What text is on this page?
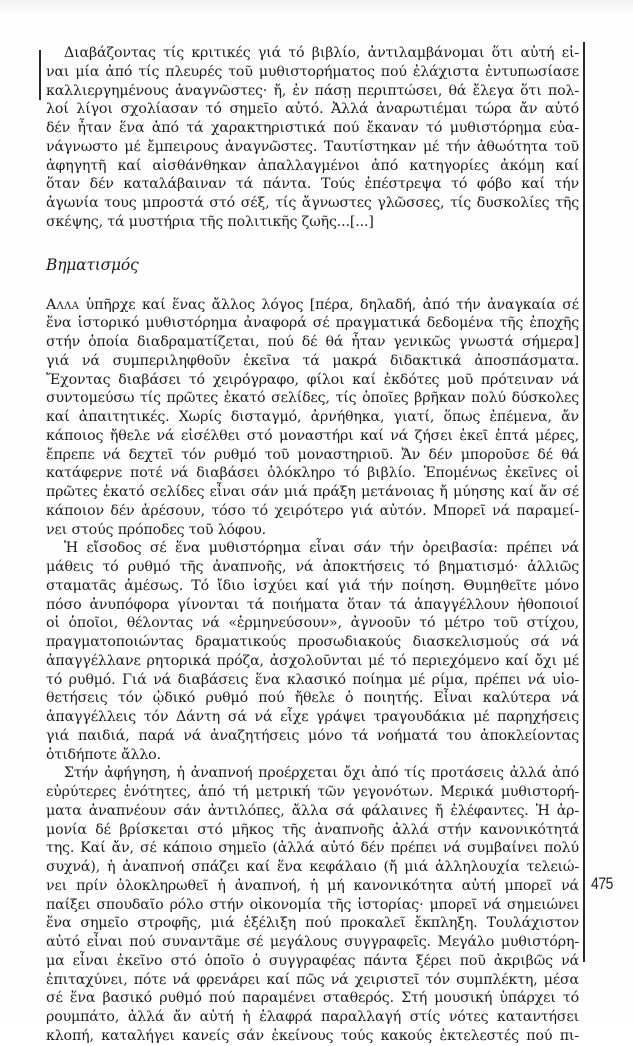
Διαβάζοντας τίς κριτικές γιά τό βιβλίο, ἀντιλαμβάνομαι ὅτι αὐτή εἰ-
ναι μία ἀπό τίς πλευρές τοῦ μυθιστορήματος πού ἐλάχιστα ἐντυπωσίασε
καλλιεργημένους ἀναγνῶστες· ἤ, ἐν πάσῃ περιπτώσει, θά ἔλεγα ὅτι πολ-
λοί λίγοι σχολίασαν τό σημεῖο αὐτό. Ἀλλά ἀναρωτιέμαι τώρα ἄν αὐτό
δέν ἦταν ἕνα ἀπό τά χαρακτηριστικά πού ἔκαναν τό μυθιστόρημα εὐα-
νάγνωστο μέ ἔμπειρους ἀναγνῶστες. Ταυτίστηκαν μέ τήν ἀθωότητα τοῦ
ἀφηγητῆ καί αἰσθάνθηκαν ἀπαλλαγμένοι ἀπό κατηγορίες ἀκόμη καί
ὅταν δέν καταλάβαιναν τά πάντα. Τούς ἐπέστρεψα τό φόβο καί τήν
ἀγωνία τους μπροστά στό σέξ, τίς ἄγνωστες γλῶσσες, τίς δυσκολίες τῆς
σκέψης, τά μυστήρια τῆς πολιτικῆς ζωῆς...[...]
Βηματισμός
Αλλα ὑπῆρχε καί ἕνας ἄλλος λόγος [πέρα, δηλαδή, ἀπό τήν ἀναγκαία σέ
ἕνα ἱστορικό μυθιστόρημα ἀναφορά σέ πραγματικά δεδομένα τῆς ἐποχῆς
στήν ὁποία διαδραματίζεται, πού δέ θά ἦταν γενικῶς γνωστά σήμερα]
γιά νά συμπεριληφθοῦν ἐκεῖνα τά μακρά διδακτικά ἀποσπάσματα.
Ἔχοντας διαβάσει τό χειρόγραφο, φίλοι καί ἐκδότες μοῦ πρότειναν νά
συντομεύσω τίς πρῶτες ἑκατό σελίδες, τίς ὁποῖες βρῆκαν πολύ δύσκολες
καί ἀπαιτητικές. Χωρίς δισταγμό, ἀρνήθηκα, γιατί, ὅπως ἐπέμενα, ἄν
κάποιος ἤθελε νά εἰσέλθει στό μοναστήρι καί νά ζήσει ἐκεῖ ἑπτά μέρες,
ἔπρεπε νά δεχτεῖ τόν ρυθμό τοῦ μοναστηριοῦ. Ἄν δέν μποροῦσε δέ θά
κατάφερνε ποτέ νά διαβάσει ὁλόκληρο τό βιβλίο. Ἐπομένως ἐκεῖνες οἱ
πρῶτες ἑκατό σελίδες εἶναι σάν μιά πράξη μετάνοιας ἤ μύησης καί ἄν σέ
κάποιον δέν ἀρέσουν, τόσο τό χειρότερο γιά αὐτόν. Μπορεῖ νά παραμεί-
νει στούς πρόποδες τοῦ λόφου.
Ἡ εἴσοδος σέ ἕνα μυθιστόρημα εἶναι σάν τήν ὀρειβασία: πρέπει νά
μάθεις τό ρυθμό τῆς ἀναπνοῆς, νά ἀποκτήσεις τό βηματισμό· ἀλλιῶς
σταματᾶς ἀμέσως. Τό ἴδιο ἰσχύει καί γιά τήν ποίηση. Θυμηθεῖτε μόνο
πόσο ἀνυπόφορα γίνονται τά ποιήματα ὅταν τά ἀπαγγέλλουν ἠθοποιοί
οἱ ὁποῖοι, θέλοντας νά «ἑρμηνεύσουν», ἀγνοοῦν τό μέτρο τοῦ στίχου,
πραγματοποιώντας δραματικούς προσωδιακούς διασκελισμούς σά νά
ἀπαγγέλλανε ρητορικά πρόζα, ἀσχολοῦνται μέ τό περιεχόμενο καί ὄχι μέ
τό ρυθμό. Γιά νά διαβάσεις ἕνα κλασικό ποίημα μέ ρίμα, πρέπει νά υἱο-
θετήσεις τόν ᾠδικό ρυθμό πού ἤθελε ὁ ποιητής. Εἶναι καλύτερα νά
ἀπαγγέλλεις τόν Δάντη σά νά εἶχε γράψει τραγουδάκια μέ παρηχήσεις
γιά παιδιά, παρά νά ἀναζητήσεις μόνο τά νοήματά του ἀποκλείοντας
ὁτιδήποτε ἄλλο.
Στήν ἀφήγηση, ἡ ἀναπνοή προέρχεται ὄχι ἀπό τίς προτάσεις ἀλλά ἀπό
εὐρύτερες ἑνότητες, ἀπό τή μετρική τῶν γεγονότων. Μερικά μυθιστορή-
ματα ἀναπνέουν σάν ἀντιλόπες, ἄλλα σά φάλαινες ἤ ἐλέφαντες. Ἡ ἁρ-
μονία δέ βρίσκεται στό μῆκος τῆς ἀναπνοῆς ἀλλά στήν κανονικότητά
της. Καί ἄν, σέ κάποιο σημεῖο (ἀλλά αὐτό δέν πρέπει νά συμβαίνει πολύ
συχνά), ἡ ἀναπνοή σπάζει καί ἕνα κεφάλαιο (ἤ μιά ἀλληλουχία τελειώ-
νει πρίν ὁλοκληρωθεῖ ἡ ἀναπνοή, ἡ μή κανονικότητα αὐτή μπορεῖ νά
παίξει σπουδαῖο ρόλο στήν οἰκονομία τῆς ἱστορίας· μπορεῖ νά σημειώνει
ἕνα σημεῖο στροφῆς, μιά ἐξέλιξη πού προκαλεῖ ἔκπληξη. Τουλάχιστον
αὐτό εἶναι πού συναντᾶμε σέ μεγάλους συγγραφεῖς. Μεγάλο μυθιστόρη-
μα εἶναι ἐκεῖνο στό ὁποῖο ὁ συγγραφέας πάντα ξέρει ποῦ ἀκριβῶς νά
ἐπιταχύνει, πότε νά φρενάρει καί πῶς νά χειριστεῖ τόν συμπλέκτη, μέσα
σέ ἕνα βασικό ρυθμό πού παραμένει σταθερός. Στή μουσική ὑπάρχει τό
ρουμπάτο, ἀλλά ἄν αὐτή ἡ ἐλαφρά παραλλαγή στίς νότες καταντήσει
κλοπή, καταλήγει κανείς σάν ἐκείνους τούς κακούς ἐκτελεστές πού πι-
475
